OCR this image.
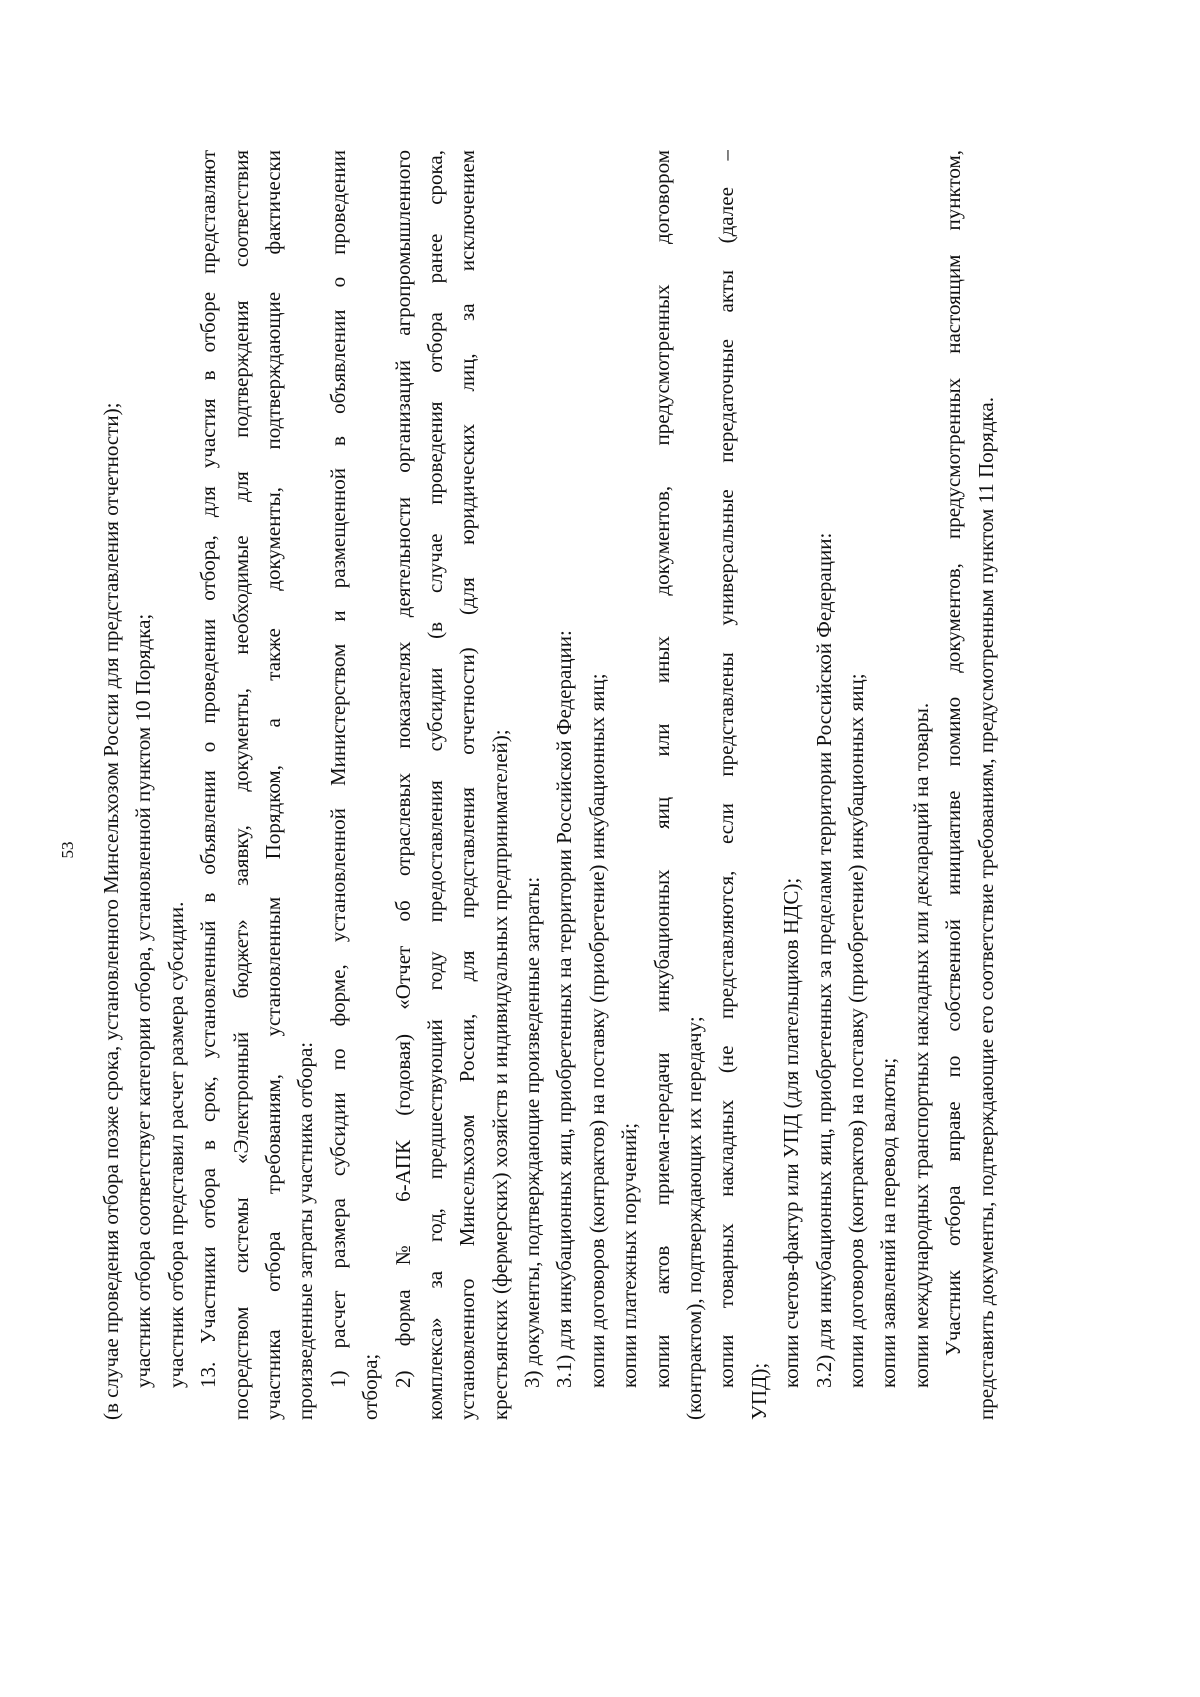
53 (в случае проведения отбора позже срока, установленного Минсельхозом России для представления отчетности); участник отбора соответствует категории отбора, установленной пунктом 10 Порядка; участник отбора представил расчет размера субсидии. 13. Участники отбора в срок, установленный в объявлении о проведении отбора, для участия в отборе представляют посредством системы «Электронный бюджет» заявку, документы, необходимые для подтверждения соответствия участника отбора требованиям, установленным Порядком, а также документы, подтверждающие фактически произведенные затраты участника отбора: 1) расчет размера субсидии по форме, установленной Министерством и размещенной в объявлении о проведении отбора; 2) форма № 6-АПК (годовая) «Отчет об отраслевых показателях деятельности организаций агропромышленного комплекса» за год, предшествующий году предоставления субсидии (в случае проведения отбора ранее срока, установленного Минсельхозом России, для представления отчетности) (для юридических лиц, за исключением крестьянских (фермерских) хозяйств и индивидуальных предпринимателей); 3) документы, подтверждающие произведенные затраты: 3.1) для инкубационных яиц, приобретенных на территории Российской Федерации: копии договоров (контрактов) на поставку (приобретение) инкубационных яиц; копии платежных поручений; копии актов приема-передачи инкубационных яиц или иных документов, предусмотренных договором (контрактом), подтверждающих их передачу; копии товарных накладных (не представляются, если представлены универсальные передаточные акты (далее –
УПД);
копии счетов-фактур или УПД (для плательщиков НДС); 3.2) для инкубационных яиц, приобретенных за пределами территории Российской Федерации: копии договоров (контрактов) на поставку (приобретение) инкубационных яиц; копии заявлений на перевод валюты; копии международных транспортных накладных или деклараций на товары. Участник отбора вправе по собственной инициативе помимо документов, предусмотренных настоящим пунктом, представить документы, подтверждающие его соответствие требованиям, предусмотренным пунктом 11 Порядка.
